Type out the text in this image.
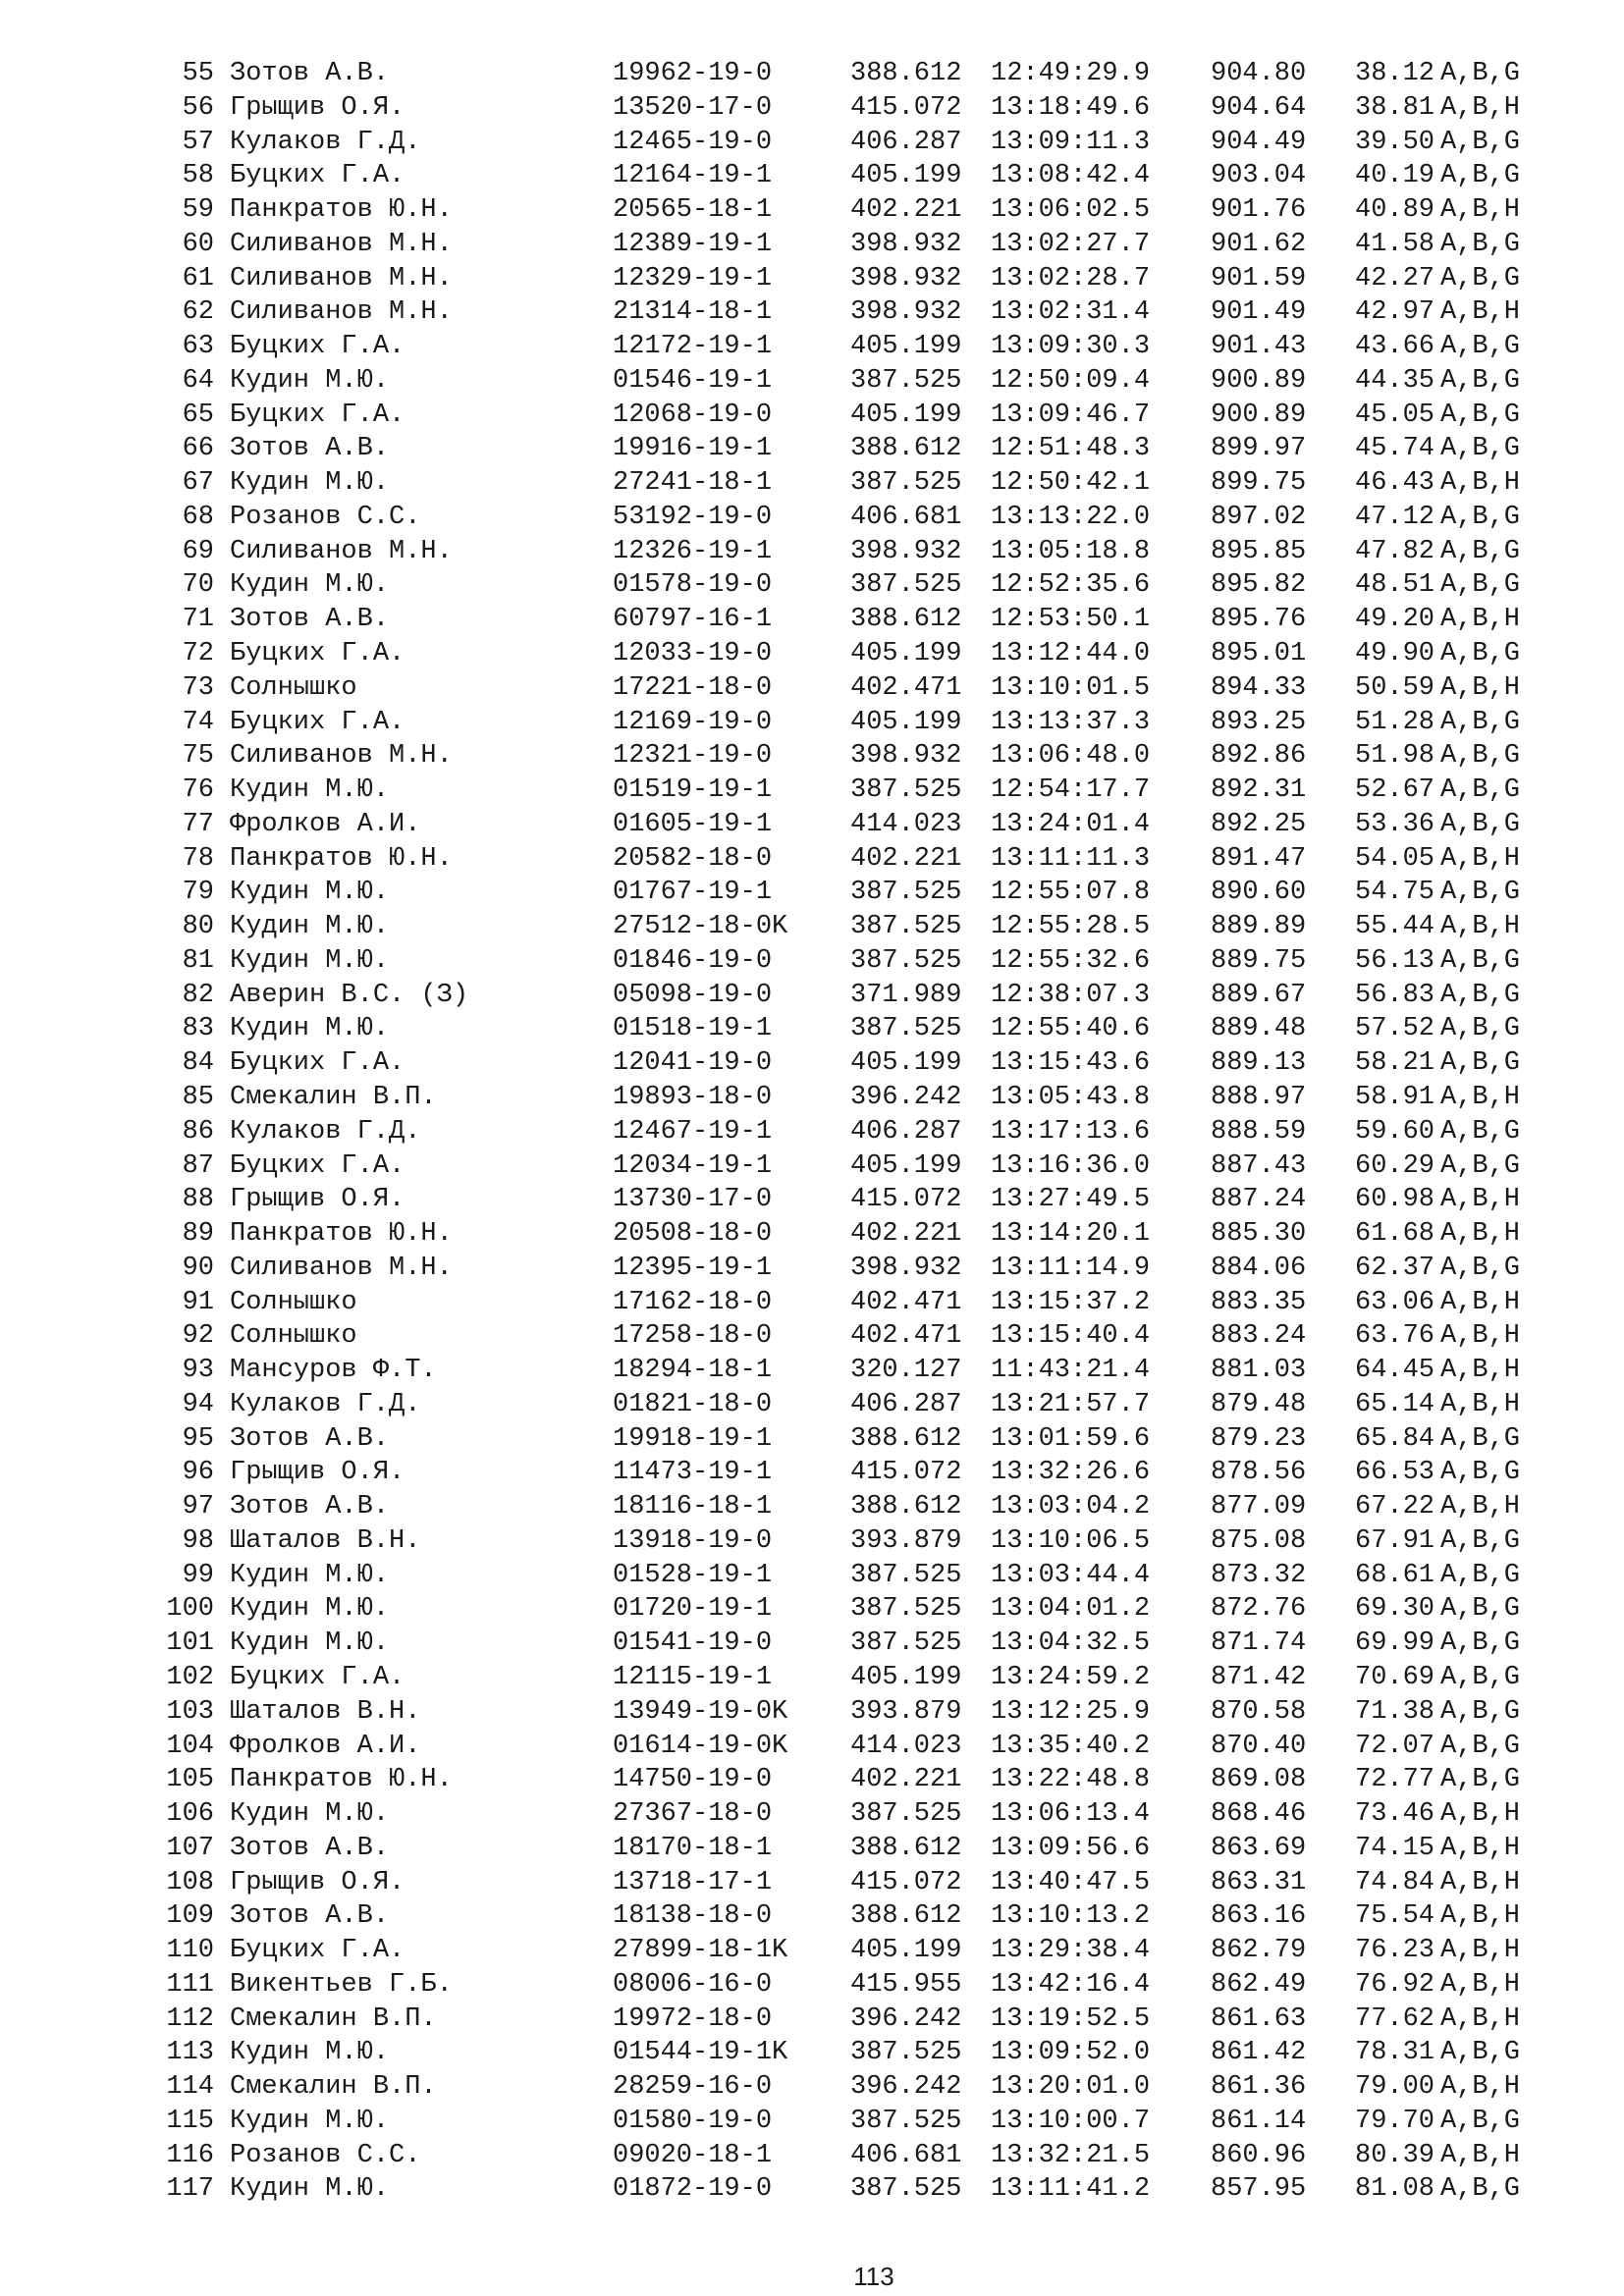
55 Зотов А.В.	19962-19-0	388.612 12:49:29.9 904.80 38.12 A,B,G
56 Грыщив О.Я.	13520-17-0	415.072 13:18:49.6 904.64 38.81 A,B,H
57 Кулаков Г.Д.	12465-19-0	406.287 13:09:11.3 904.49 39.50 A,B,G
58 Буцких Г.А.	12164-19-1	405.199 13:08:42.4 903.04 40.19 A,B,G
59 Панкратов Ю.Н.	20565-18-1	402.221 13:06:02.5 901.76 40.89 A,B,H
60 Силиванов М.Н.	12389-19-1	398.932 13:02:27.7 901.62 41.58 A,B,G
61 Силиванов М.Н.	12329-19-1	398.932 13:02:28.7 901.59 42.27 A,B,G
62 Силиванов М.Н.	21314-18-1	398.932 13:02:31.4 901.49 42.97 A,B,H
63 Буцких Г.А.	12172-19-1	405.199 13:09:30.3 901.43 43.66 A,B,G
64 Кудин М.Ю.	01546-19-1	387.525 12:50:09.4 900.89 44.35 A,B,G
65 Буцких Г.А.	12068-19-0	405.199 13:09:46.7 900.89 45.05 A,B,G
66 Зотов А.В.	19916-19-1	388.612 12:51:48.3 899.97 45.74 A,B,G
67 Кудин М.Ю.	27241-18-1	387.525 12:50:42.1 899.75 46.43 A,B,H
68 Розанов С.С.	53192-19-0	406.681 13:13:22.0 897.02 47.12 A,B,G
69 Силиванов М.Н.	12326-19-1	398.932 13:05:18.8 895.85 47.82 A,B,G
70 Кудин М.Ю.	01578-19-0	387.525 12:52:35.6 895.82 48.51 A,B,G
71 Зотов А.В.	60797-16-1	388.612 12:53:50.1 895.76 49.20 A,B,H
72 Буцких Г.А.	12033-19-0	405.199 13:12:44.0 895.01 49.90 A,B,G
73 Солнышко	17221-18-0	402.471 13:10:01.5 894.33 50.59 A,B,H
74 Буцких Г.А.	12169-19-0	405.199 13:13:37.3 893.25 51.28 A,B,G
75 Силиванов М.Н.	12321-19-0	398.932 13:06:48.0 892.86 51.98 A,B,G
76 Кудин М.Ю.	01519-19-1	387.525 12:54:17.7 892.31 52.67 A,B,G
77 Фролков А.И.	01605-19-1	414.023 13:24:01.4 892.25 53.36 A,B,G
78 Панкратов Ю.Н.	20582-18-0	402.221 13:11:11.3 891.47 54.05 A,B,H
79 Кудин М.Ю.	01767-19-1	387.525 12:55:07.8 890.60 54.75 A,B,G
80 Кудин М.Ю.	27512-18-0K 387.525 12:55:28.5 889.89 55.44 A,B,H
81 Кудин М.Ю.	01846-19-0	387.525 12:55:32.6 889.75 56.13 A,B,G
82 Аверин В.С. (З)	05098-19-0	371.989 12:38:07.3 889.67 56.83 A,B,G
83 Кудин М.Ю.	01518-19-1	387.525 12:55:40.6 889.48 57.52 A,B,G
84 Буцких Г.А.	12041-19-0	405.199 13:15:43.6 889.13 58.21 A,B,G
85 Смекалин В.П.	19893-18-0	396.242 13:05:43.8 888.97 58.91 A,B,H
86 Кулаков Г.Д.	12467-19-1	406.287 13:17:13.6 888.59 59.60 A,B,G
87 Буцких Г.А.	12034-19-1	405.199 13:16:36.0 887.43 60.29 A,B,G
88 Грыщив О.Я.	13730-17-0	415.072 13:27:49.5 887.24 60.98 A,B,H
89 Панкратов Ю.Н.	20508-18-0	402.221 13:14:20.1 885.30 61.68 A,B,H
90 Силиванов М.Н.	12395-19-1	398.932 13:11:14.9 884.06 62.37 A,B,G
91 Солнышко	17162-18-0	402.471 13:15:37.2 883.35 63.06 A,B,H
92 Солнышко	17258-18-0	402.471 13:15:40.4 883.24 63.76 A,B,H
93 Мансуров Ф.Т.	18294-18-1	320.127 11:43:21.4 881.03 64.45 A,B,H
94 Кулаков Г.Д.	01821-18-0	406.287 13:21:57.7 879.48 65.14 A,B,H
95 Зотов А.В.	19918-19-1	388.612 13:01:59.6 879.23 65.84 A,B,G
96 Грыщив О.Я.	11473-19-1	415.072 13:32:26.6 878.56 66.53 A,B,G
97 Зотов А.В.	18116-18-1	388.612 13:03:04.2 877.09 67.22 A,B,H
98 Шаталов В.Н.	13918-19-0	393.879 13:10:06.5 875.08 67.91 A,B,G
99 Кудин М.Ю.	01528-19-1	387.525 13:03:44.4 873.32 68.61 A,B,G
100 Кудин М.Ю.	01720-19-1	387.525 13:04:01.2 872.76 69.30 A,B,G
101 Кудин М.Ю.	01541-19-0	387.525 13:04:32.5 871.74 69.99 A,B,G
102 Буцких Г.А.	12115-19-1	405.199 13:24:59.2 871.42 70.69 A,B,G
103 Шаталов В.Н.	13949-19-0K 393.879 13:12:25.9 870.58 71.38 A,B,G
104 Фролков А.И.	01614-19-0K 414.023 13:35:40.2 870.40 72.07 A,B,G
105 Панкратов Ю.Н.	14750-19-0	402.221 13:22:48.8 869.08 72.77 A,B,G
106 Кудин М.Ю.	27367-18-0	387.525 13:06:13.4 868.46 73.46 A,B,H
107 Зотов А.В.	18170-18-1	388.612 13:09:56.6 863.69 74.15 A,B,H
108 Грыщив О.Я.	13718-17-1	415.072 13:40:47.5 863.31 74.84 A,B,H
109 Зотов А.В.	18138-18-0	388.612 13:10:13.2 863.16 75.54 A,B,H
110 Буцких Г.А.	27899-18-1K 405.199 13:29:38.4 862.79 76.23 A,B,H
111 Викентьев Г.Б.	08006-16-0	415.955 13:42:16.4 862.49 76.92 A,B,H
112 Смекалин В.П.	19972-18-0	396.242 13:19:52.5 861.63 77.62 A,B,H
113 Кудин М.Ю.	01544-19-1K 387.525 13:09:52.0 861.42 78.31 A,B,G
114 Смекалин В.П.	28259-16-0	396.242 13:20:01.0 861.36 79.00 A,B,H
115 Кудин М.Ю.	01580-19-0	387.525 13:10:00.7 861.14 79.70 A,B,G
116 Розанов С.С.	09020-18-1	406.681 13:32:21.5 860.96 80.39 A,B,H
117 Кудин М.Ю.	01872-19-0	387.525 13:11:41.2 857.95 81.08 A,B,G
113
